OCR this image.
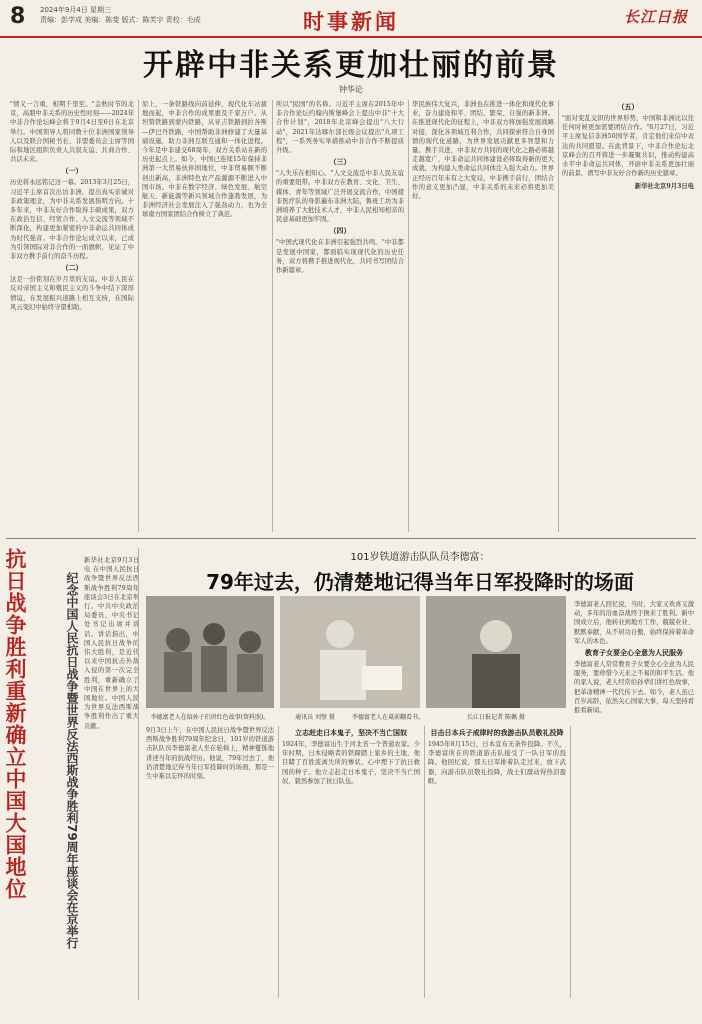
8 2024年9月4日 星期三
责编：彭学成 美编：陈斐 版式：陈芙宇 责校：毛成	时事新闻	长江日报
开辟中非关系更加壮丽的前景
钟华论
"情义一言重，相期千里至。"金秋时节的北京，高朋中非关系的历史性时刻——2024年中非合作论坛峰会将于9月4日至6日在北京举行。中国领导人将同数十位非洲国家领导人以及联合国秘书长、非盟委员会主席等国际和地区组织负责人共叙友谊、共商合作、共话未来。
（一）
历史将永远铭记这一幕。2013年3月25日，习近平主席首次出访非洲，提出真实亲诚对非政策理念，为中非关系发展指明方向。十多年来，中非友好合作取得丰硕成果，双方在政治互信、经贸合作、人文交流等领域不断深化，构建更加紧密的中非命运共同体成为时代强音。中非合作论坛成立以来，已成为引领国际对非合作的一面旗帜，见证了中非双方携手前行的奋斗历程。
（二）
这是一份铭刻在岁月里的友谊。中非人民在反对帝国主义和殖民主义的斗争中结下深厚情谊，在发展振兴道路上相互支持，在国际风云变幻中始终守望相助。
原上，一条铁路线向前延伸，现代化车站拔地而起，中非合作的成果惠及千家万户。从坦赞铁路到蒙内铁路，从亚吉铁路到拉各斯—伊巴丹铁路，中国帮助非洲修建了大量基础设施，助力非洲互联互通和一体化进程。今年是中非建交68周年，双方关系站在新的历史起点上。如今，中国已连续15年保持非洲第一大贸易伙伴国地位，中非贸易额不断创出新高，非洲特色农产品源源不断进入中国市场。中非在数字经济、绿色发展、航空航天、新能源等新兴领域合作蓬勃发展，为非洲经济社会发展注入了强劲动力，也为全球南方国家团结合作树立了典范。
所以"民国"的名称。习近平主席在2015年中非合作论坛约翰内斯堡峰会上提出中非"十大合作计划"，2018年北京峰会提出"八大行动"，2021年达喀尔部长级会议提出"九项工程"，一系列务实举措推动中非合作不断提质升级。
（三）
"人失乐在相知心。"人文交流是中非人民友谊的重要纽带。中非双方在教育、文化、卫生、媒体、青年等领域广泛开展交流合作，中国援非医疗队的身影遍布非洲大陆，鲁班工坊为非洲培养了大批技术人才，中非人民相知相亲的民意基础更加牢固。
（四）
"中国式现代化在非洲引起强烈共鸣。"中非都是发展中国家，都面临实现现代化的历史任务，双方将携手推进现代化，共同书写团结合作新篇章。
华民族伟大复兴，非洲也在推进一体化和现代化事业，奋力建设和平、团结、繁荣、自强的新非洲。在推进现代化的征程上，中非双方将加强发展战略对接，深化各领域互利合作，共同探索符合自身国情的现代化道路，为世界发展贡献更多智慧和力量。携手共进，中非双方共同的现代化之路必将越走越宽广，中非命运共同体建设必将取得新的更大成就，为构建人类命运共同体注入强大动力。世界正经历百年未有之大变局，中非携手前行，团结合作的意义更加凸显，中非关系的未来必将更加美好。
（五）
"面对变乱交织的世界形势，中国和非洲比以往任何时候更加需要团结合作。"8月27日，习近平主席复信非洲50国学者，肯定他们来信中表达的共同愿望。在此背景下，中非合作论坛北京峰会的召开将进一步凝聚共识，推动构建高水平中非命运共同体，开辟中非关系更加壮丽的前景，谱写中非友好合作新的历史篇章。
新华社北京9月3日电
抗日战争胜利重新确立中国大国地位	纪念中国人民抗日战争暨世界反法西斯战争胜利79周年座谈会在京举行
新华社北京9月3日电 在中国人民抗日战争暨世界反法西斯战争胜利79周年座谈会3日在北京举行。中共中央政治局委员、中央书记处书记出席并讲话。讲话指出，中国人民抗日战争的伟大胜利，是近代以来中国抗击外敌入侵的第一次完全胜利，重新确立了中国在世界上的大国地位。中国人民为世界反法西斯战争胜利作出了重大贡献。
101岁铁道游击队队员李德富：
79年过去，仍清楚地记得当年日军投降时的场面
李德富老人在给孙子们讲红色故事(资料照)。	通讯员 刘璧 摄	李德富老人在桌前翻看书。	长江日报记者 陈佩 摄
9月3日上午，在中国人民抗日战争暨世界反法西斯战争胜利79周年纪念日，101岁的铁道游击队队员李德富老人坐在轮椅上，精神矍铄地讲述当年的抗战经历。他说，79年过去了，他仍清楚地记得当年日军投降时的场面，那是一生中难以忘怀的时刻。
立志赶走日本鬼子，坚决不当亡国奴
1924年，李德富出生于河北省一个普通农家。少年时期，日本侵略者的铁蹄踏上家乡的土地，他目睹了百姓流离失所的惨状，心中埋下了抗日救国的种子。他立志赶走日本鬼子，坚决不当亡国奴，毅然参加了抗日队伍。
目击日本兵子戒律时的我游击队员敬礼投降
1945年8月15日，日本宣布无条件投降。不久，李德富所在的铁道游击队接受了一队日军的投降。他回忆说，那天日军排着队走过来，放下武器，向游击队员敬礼投降，战士们激动得热泪盈眶。
李德富老人回忆说，当时，大家又欢喜又激动，多年的浴血奋战终于换来了胜利。新中国成立后，他转业到地方工作，兢兢业业、默默奉献，从不居功自傲，始终保持着革命军人的本色。
教育子女要全心全意为人民服务
李德富老人常常教育子女要全心全意为人民服务，要珍惜今天来之不易的和平生活。他的家人说，老人经常给孙辈们讲红色故事，把革命精神一代代传下去。如今，老人虽已百岁高龄，依然关心国家大事，每天坚持看报看新闻。
